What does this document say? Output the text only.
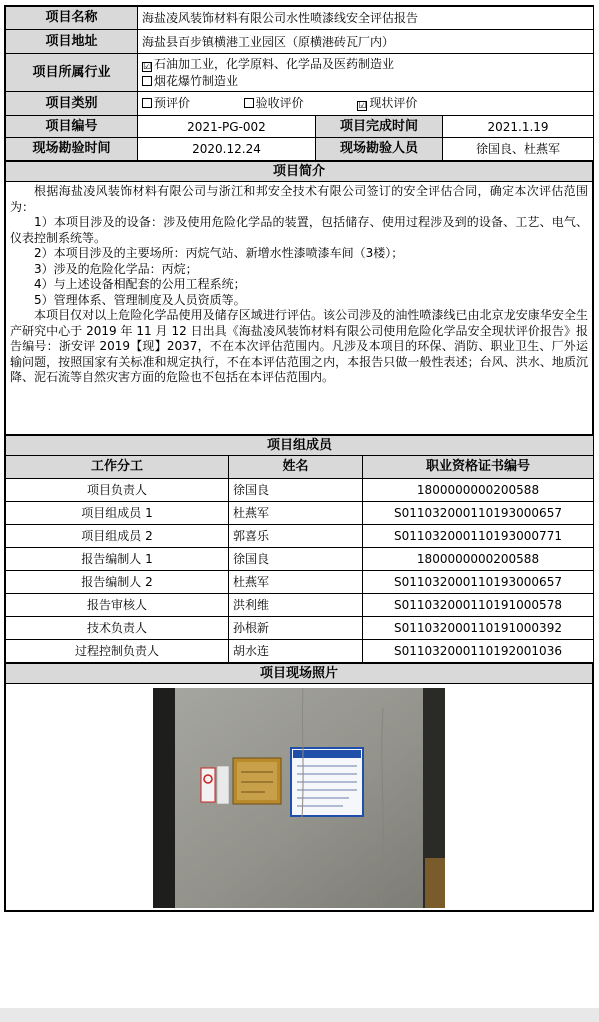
项目名称	海盐凌风装饰材料有限公司水性喷漆线安全评估报告		
项目地址	海盐县百步镇横港工业园区（原横港砖瓦厂内）		
项目所属行业	☑ 石油加工业，化学原料、化学品及医药制造业
烟花爆竹制造业		
项目类别	预评价 验收评价 ☑ 现状评价		
项目编号	2021-PG-002	项目完成时间	2021.1.19
现场勘验时间	2020.12.24	现场勘验人员	徐国良、杜燕军
项目简介

根据海盐凌风装饰材料有限公司与浙江和邦安全技术有限公司签订的安全评估合同，确定本次评估范围为：

1）本项目涉及的设备：涉及使用危险化学品的装置，包括储存、使用过程涉及到的设备、工艺、电气、仪表控制系统等。

2）本项目涉及的主要场所：丙烷气站、新增水性漆喷漆车间（3楼）；

3）涉及的危险化学品：丙烷；

4）与上述设备相配套的公用工程系统；

5）管理体系、管理制度及人员资质等。

本项目仅对以上危险化学品使用及储存区域进行评估。该公司涉及的油性喷漆线已由北京龙安康华安全生产研究中心于 2019 年 11 月 12 日出具《海盐凌风装饰材料有限公司使用危险化学品安全现状评价报告》报告编号：浙安评 2019【现】2037，不在本次评估范围内。凡涉及本项目的环保、消防、职业卫生、厂外运输问题，按照国家有关标准和规定执行，不在本评估范围之内，本报告只做一般性表述；台风、洪水、地质沉降、泥石流等自然灾害方面的危险也不包括在本评估范围内。

项目组成员		
工作分工	姓名	职业资格证书编号
项目负责人	徐国良	1800000000200588
项目组成员 1	杜燕军	S011032000110193000657
项目组成员 2	郭喜乐	S011032000110193000771
报告编制人 1	徐国良	1800000000200588
报告编制人 2	杜燕军	S011032000110193000657
报告审核人	洪利维	S011032000110191000578
技术负责人	孙根新	S011032000110191000392
过程控制负责人	胡水连	S011032000110192001036
项目现场照片
